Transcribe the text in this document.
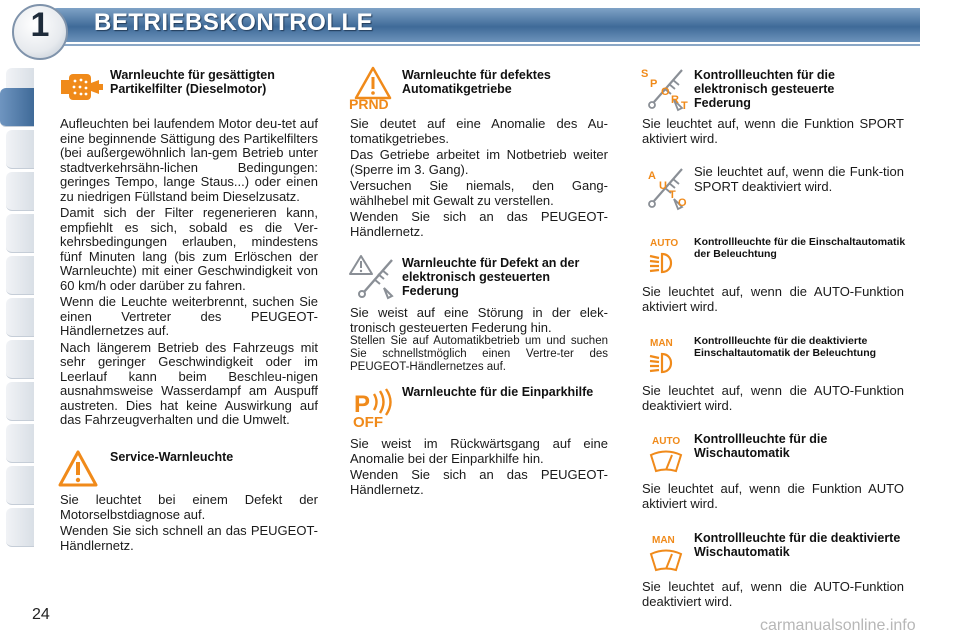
BETRIEBSKONTROLLE
1
Warnleuchte für gesättigten Partikelfilter (Dieselmotor)

Aufleuchten bei laufendem Motor deu-tet auf eine beginnende Sättigung des Partikelfilters (bei außergewöhnlich lan-gem Betrieb unter stadtverkehrsähn-lichen Bedingungen: geringes Tempo, lange Staus...) oder einen zu niedrigen Füllstand beim Dieselzusatz.

Damit sich der Filter regenerieren kann, empfiehlt es sich, sobald es die Ver-kehrsbedingungen erlauben, mindestens fünf Minuten lang (bis zum Erlöschen der Warnleuchte) mit einer Geschwindigkeit von 60 km/h oder darüber zu fahren.

Wenn die Leuchte weiterbrennt, suchen Sie einen Vertreter des PEUGEOT-Händlernetzes auf.

Nach längerem Betrieb des Fahrzeugs mit sehr geringer Geschwindigkeit oder im Leerlauf kann beim Beschleu-nigen ausnahmsweise Wasserdampf am Auspuff austreten. Dies hat keine Auswirkung auf das Fahrzeugverhalten und die Umwelt.

Service-Warnleuchte

Sie leuchtet bei einem Defekt der Motorselbstdiagnose auf.

Wenden Sie sich schnell an das PEUGEOT-Händlernetz.

PRND
Warnleuchte für defektes Automatikgetriebe

Sie deutet auf eine Anomalie des Au-tomatikgetriebes.

Das Getriebe arbeitet im Notbetrieb weiter (Sperre im 3. Gang).

Versuchen Sie niemals, den Gang-wählhebel mit Gewalt zu verstellen.

Wenden Sie sich an das PEUGEOT-Händlernetz.

Warnleuchte für Defekt an der elektronisch gesteuerten Federung

Sie weist auf eine Störung in der elek-tronisch gesteuerten Federung hin.

Stellen Sie auf Automatikbetrieb um und suchen Sie schnellstmöglich einen Vertre-ter des PEUGEOT-Händlernetzes auf.
P
OFF
Warnleuchte für die Einparkhilfe

Sie weist im Rückwärtsgang auf eine Anomalie bei der Einparkhilfe hin.

Wenden Sie sich an das PEUGEOT-Händlernetz.

S
P
O
R T
Kontrollleuchten für die elektronisch gesteuerte Federung
Sie leuchtet auf, wenn die Funktion SPORT aktiviert wird.
A
U
T
O
Sie leuchtet auf, wenn die Funk-tion SPORT deaktiviert wird.
AUTO Kontrollleuchte für die Einschaltautomatik der Beleuchtung
Sie leuchtet auf, wenn die AUTO-Funktion aktiviert wird.
MAN Kontrollleuchte für die deaktivierte Einschaltautomatik der Beleuchtung
Sie leuchtet auf, wenn die AUTO-Funktion deaktiviert wird.
AUTO Kontrollleuchte für die Wischautomatik
Sie leuchtet auf, wenn die Funktion AUTO aktiviert wird.
MAN Kontrollleuchte für die deaktivierte Wischautomatik
Sie leuchtet auf, wenn die AUTO-Funktion deaktiviert wird.
24
carmanualsonline.info
